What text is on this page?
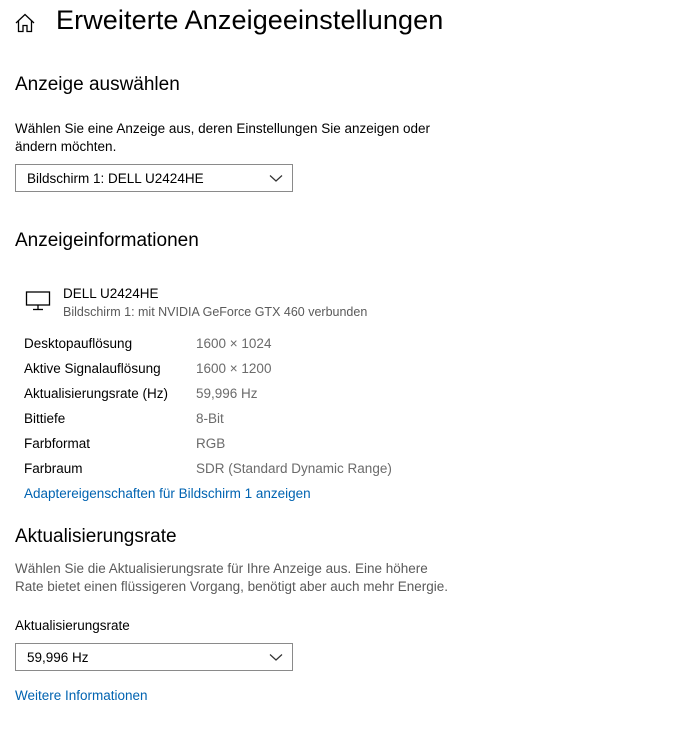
Erweiterte Anzeigeeinstellungen
Anzeige auswählen
Wählen Sie eine Anzeige aus, deren Einstellungen Sie anzeigen oder
ändern möchten.
Bildschirm 1: DELL U2424HE
Anzeigeinformationen
DELL U2424HE
Bildschirm 1: mit NVIDIA GeForce GTX 460 verbunden
Desktopauflösung	1600 × 1024
Aktive Signalauflösung	1600 × 1200
Aktualisierungsrate (Hz) 59,996 Hz
Bittiefe	8-Bit
Farbformat	RGB
Farbraum	SDR (Standard Dynamic Range)
Adaptereigenschaften für Bildschirm 1 anzeigen
Aktualisierungsrate
Wählen Sie die Aktualisierungsrate für Ihre Anzeige aus. Eine höhere
Rate bietet einen flüssigeren Vorgang, benötigt aber auch mehr Energie.
Aktualisierungsrate
59,996 Hz
Weitere Informationen
